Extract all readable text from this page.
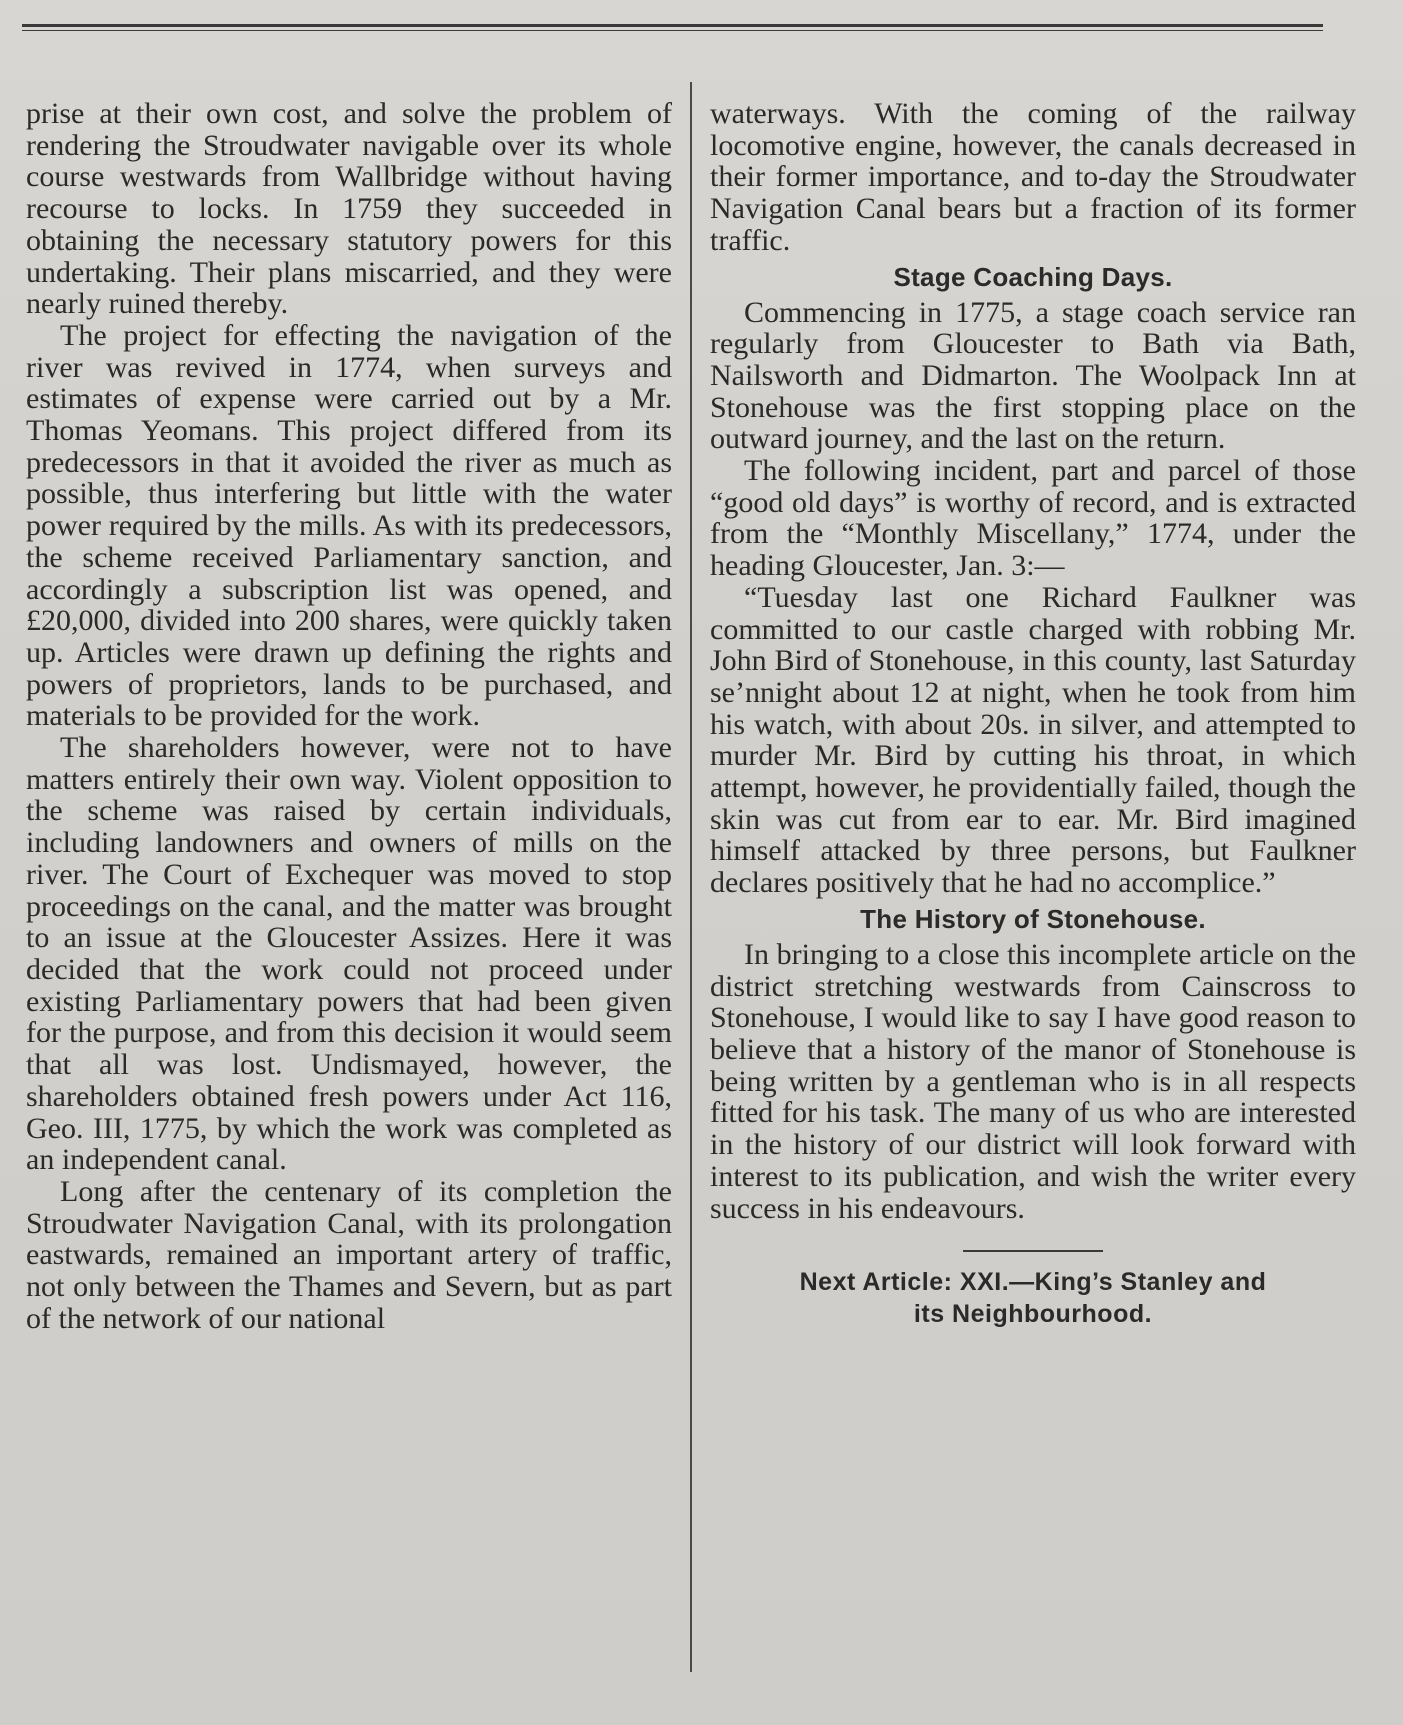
prise at their own cost, and solve the problem of rendering the Stroudwater navigable over its whole course westwards from Wallbridge without having recourse to locks. In 1759 they succeeded in obtaining the necessary statutory powers for this undertaking. Their plans miscarried, and they were nearly ruined thereby.

The project for effecting the navigation of the river was revived in 1774, when surveys and estimates of expense were carried out by a Mr. Thomas Yeomans. This project differed from its predecessors in that it avoided the river as much as possible, thus interfering but little with the water power required by the mills. As with its predecessors, the scheme received Parliamentary sanction, and accordingly a subscription list was opened, and £20,000, divided into 200 shares, were quickly taken up. Articles were drawn up defining the rights and powers of proprietors, lands to be purchased, and materials to be provided for the work.

The shareholders however, were not to have matters entirely their own way. Violent opposition to the scheme was raised by certain individuals, including landowners and owners of mills on the river. The Court of Exchequer was moved to stop proceedings on the canal, and the matter was brought to an issue at the Gloucester Assizes. Here it was decided that the work could not proceed under existing Parliamentary powers that had been given for the purpose, and from this decision it would seem that all was lost. Undismayed, however, the shareholders obtained fresh powers under Act 116, Geo. III, 1775, by which the work was completed as an independent canal.

Long after the centenary of its completion the Stroudwater Navigation Canal, with its prolongation eastwards, remained an important artery of traffic, not only between the Thames and Severn, but as part of the network of our national

waterways. With the coming of the railway locomotive engine, however, the canals decreased in their former importance, and to-day the Stroudwater Navigation Canal bears but a fraction of its former traffic.

Stage Coaching Days.

Commencing in 1775, a stage coach service ran regularly from Gloucester to Bath via Bath, Nailsworth and Didmarton. The Woolpack Inn at Stonehouse was the first stopping place on the outward journey, and the last on the return.

The following incident, part and parcel of those “good old days” is worthy of record, and is extracted from the “Monthly Miscellany,” 1774, under the heading Gloucester, Jan. 3:—

“Tuesday last one Richard Faulkner was committed to our castle charged with robbing Mr. John Bird of Stonehouse, in this county, last Saturday se’nnight about 12 at night, when he took from him his watch, with about 20s. in silver, and attempted to murder Mr. Bird by cutting his throat, in which attempt, however, he providentially failed, though the skin was cut from ear to ear. Mr. Bird imagined himself attacked by three persons, but Faulkner declares positively that he had no accomplice.”

The History of Stonehouse.

In bringing to a close this incomplete article on the district stretching westwards from Cainscross to Stonehouse, I would like to say I have good reason to believe that a history of the manor of Stonehouse is being written by a gentleman who is in all respects fitted for his task. The many of us who are interested in the history of our district will look forward with interest to its publication, and wish the writer every success in his endeavours.

Next Article: XXI.—King’s Stanley and
its Neighbourhood.
